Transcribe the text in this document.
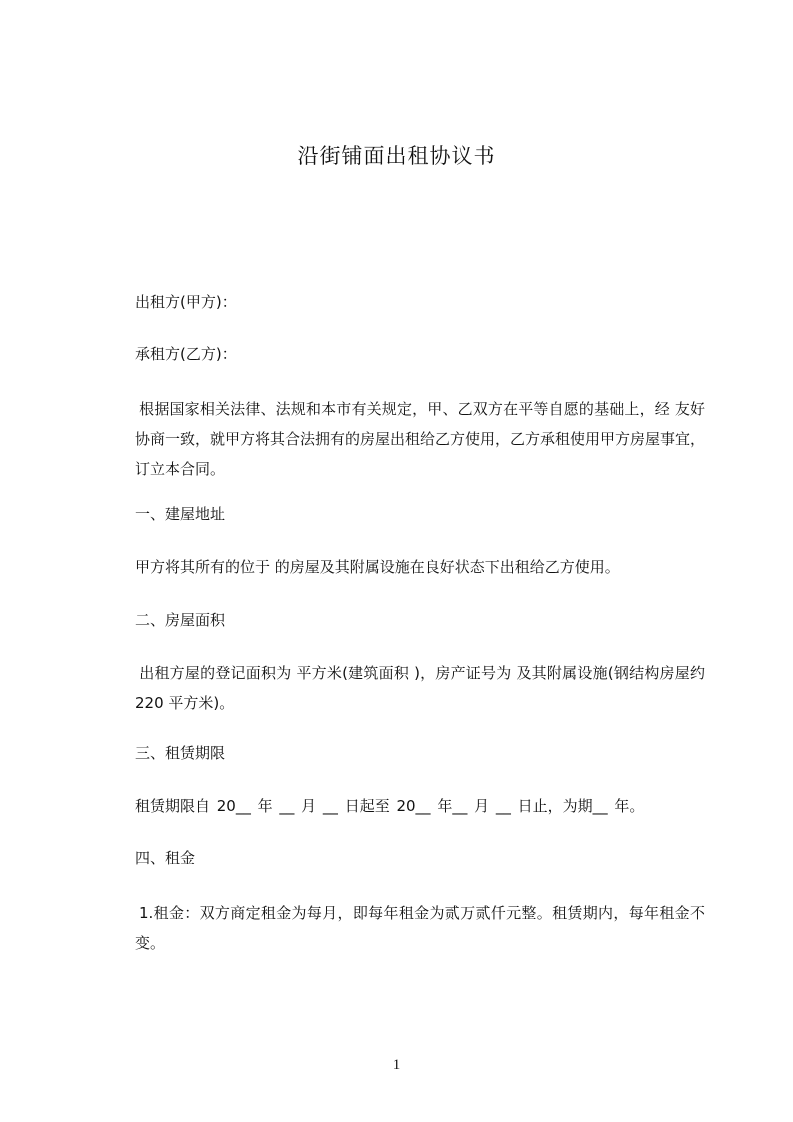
沿街铺面出租协议书
出租方(甲方)：
承租方(乙方)：
根据国家相关法律、法规和本市有关规定，甲、乙双方在平等自愿的基础上，经 友好协商一致，就甲方将其合法拥有的房屋出租给乙方使用，乙方承租使用甲方房屋事宜，订立本合同。
一、建屋地址
甲方将其所有的位于 的房屋及其附属设施在良好状态下出租给乙方使用。
二、房屋面积
出租方屋的登记面积为 平方米(建筑面积 )，房产证号为 及其附属设施(钢结构房屋约 220 平方米)。
三、租赁期限
租赁期限自 20__ 年 __ 月 __ 日起至 20__ 年__ 月 __ 日止，为期__ 年。
四、租金
1.租金：双方商定租金为每月，即每年租金为贰万贰仟元整。租赁期内，每年租金不变。
1
